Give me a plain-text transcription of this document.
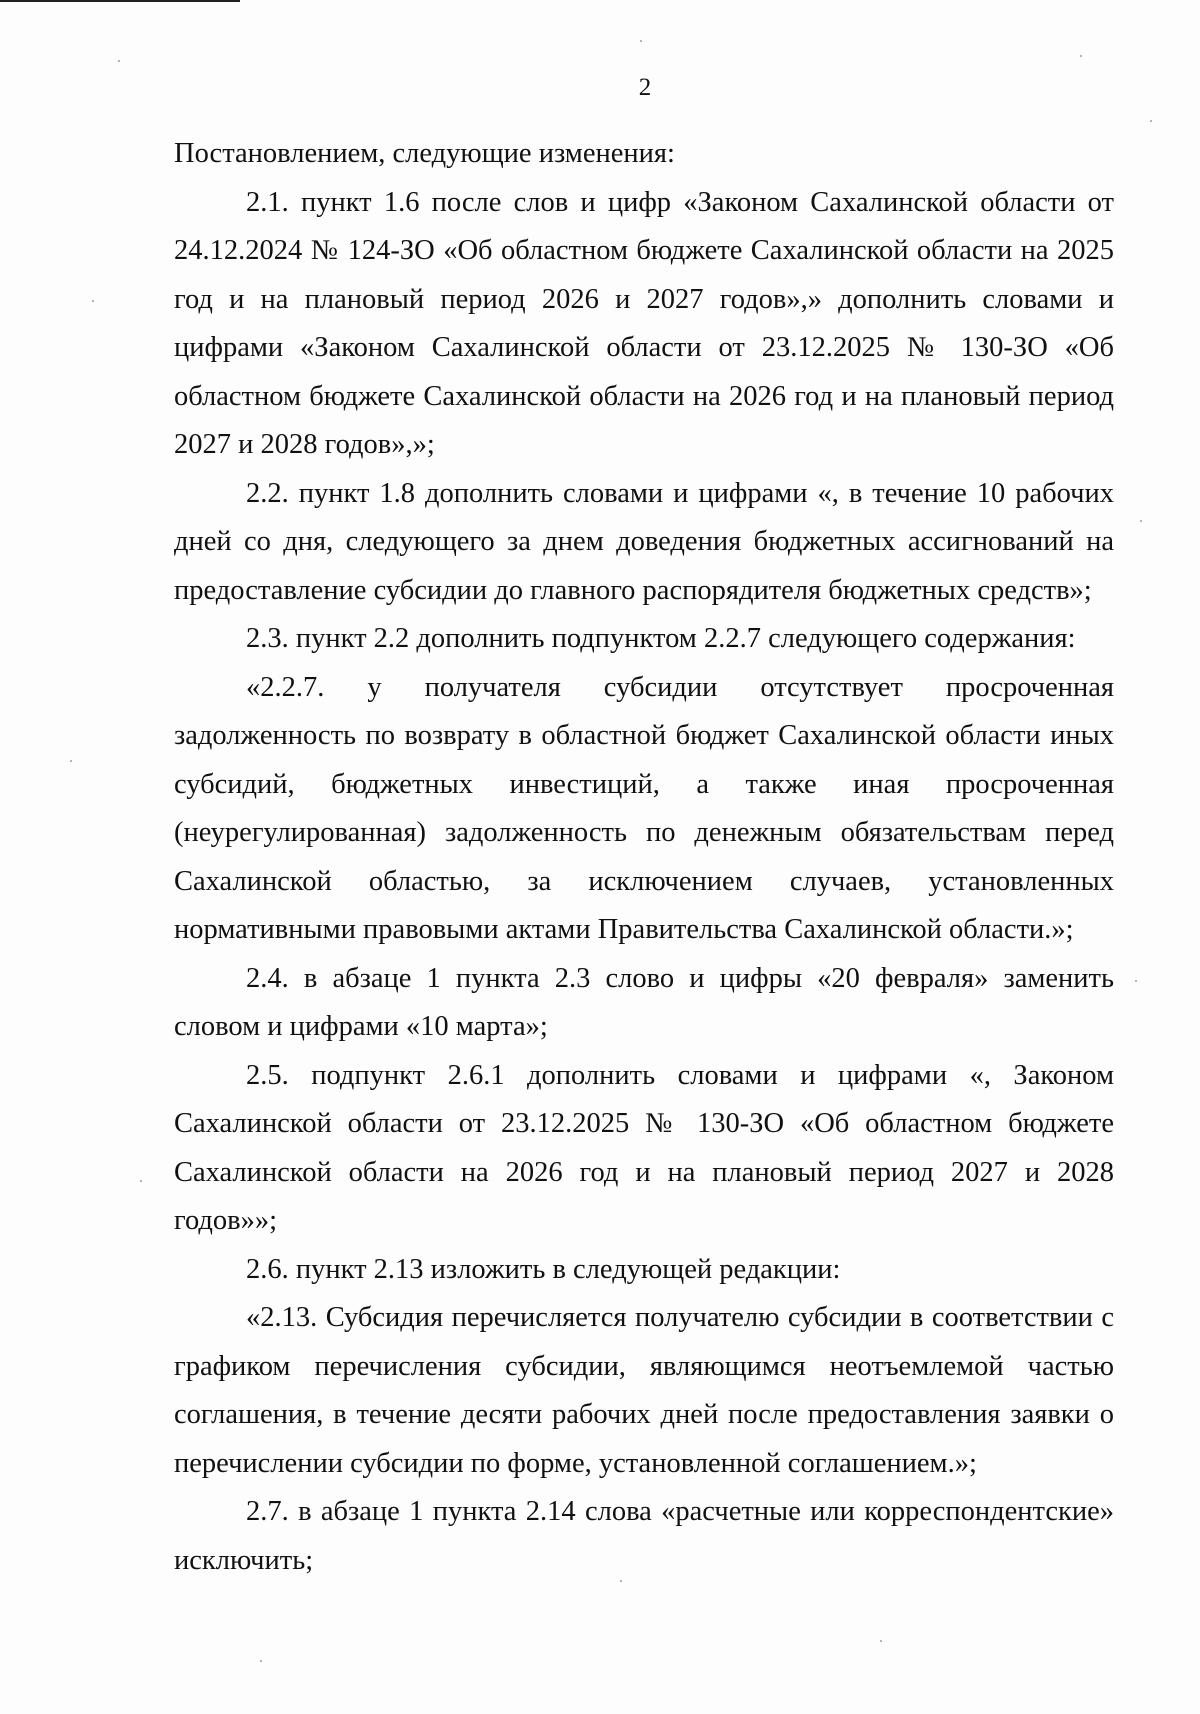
2

Постановлением, следующие изменения:

2.1. пункт 1.6 после слов и цифр «Законом Сахалинской области от 24.12.2024 № 124-ЗО «Об областном бюджете Сахалинской области на 2025 год и на плановый период 2026 и 2027 годов»,» дополнить словами и цифрами «Законом Сахалинской области от 23.12.2025 № 130-ЗО «Об областном бюджете Сахалинской области на 2026 год и на плановый период 2027 и 2028 годов»,»;

2.2. пункт 1.8 дополнить словами и цифрами «, в течение 10 рабочих дней со дня, следующего за днем доведения бюджетных ассигнований на предоставление субсидии до главного распорядителя бюджетных средств»;

2.3. пункт 2.2 дополнить подпунктом 2.2.7 следующего содержания:

«2.2.7. у получателя субсидии отсутствует просроченная задолженность по возврату в областной бюджет Сахалинской области иных субсидий, бюджетных инвестиций, а также иная просроченная (неурегулированная) задолженность по денежным обязательствам перед Сахалинской областью, за исключением случаев, установленных нормативными правовыми актами Правительства Сахалинской области.»;

2.4. в абзаце 1 пункта 2.3 слово и цифры «20 февраля» заменить словом и цифрами «10 марта»;

2.5. подпункт 2.6.1 дополнить словами и цифрами «, Законом Сахалинской области от 23.12.2025 № 130-ЗО «Об областном бюджете Сахалинской области на 2026 год и на плановый период 2027 и 2028 годов»»;

2.6. пункт 2.13 изложить в следующей редакции:

«2.13. Субсидия перечисляется получателю субсидии в соответствии с графиком перечисления субсидии, являющимся неотъемлемой частью соглашения, в течение десяти рабочих дней после предоставления заявки о перечислении субсидии по форме, установленной соглашением.»;

2.7. в абзаце 1 пункта 2.14 слова «расчетные или корреспондентские» исключить;
